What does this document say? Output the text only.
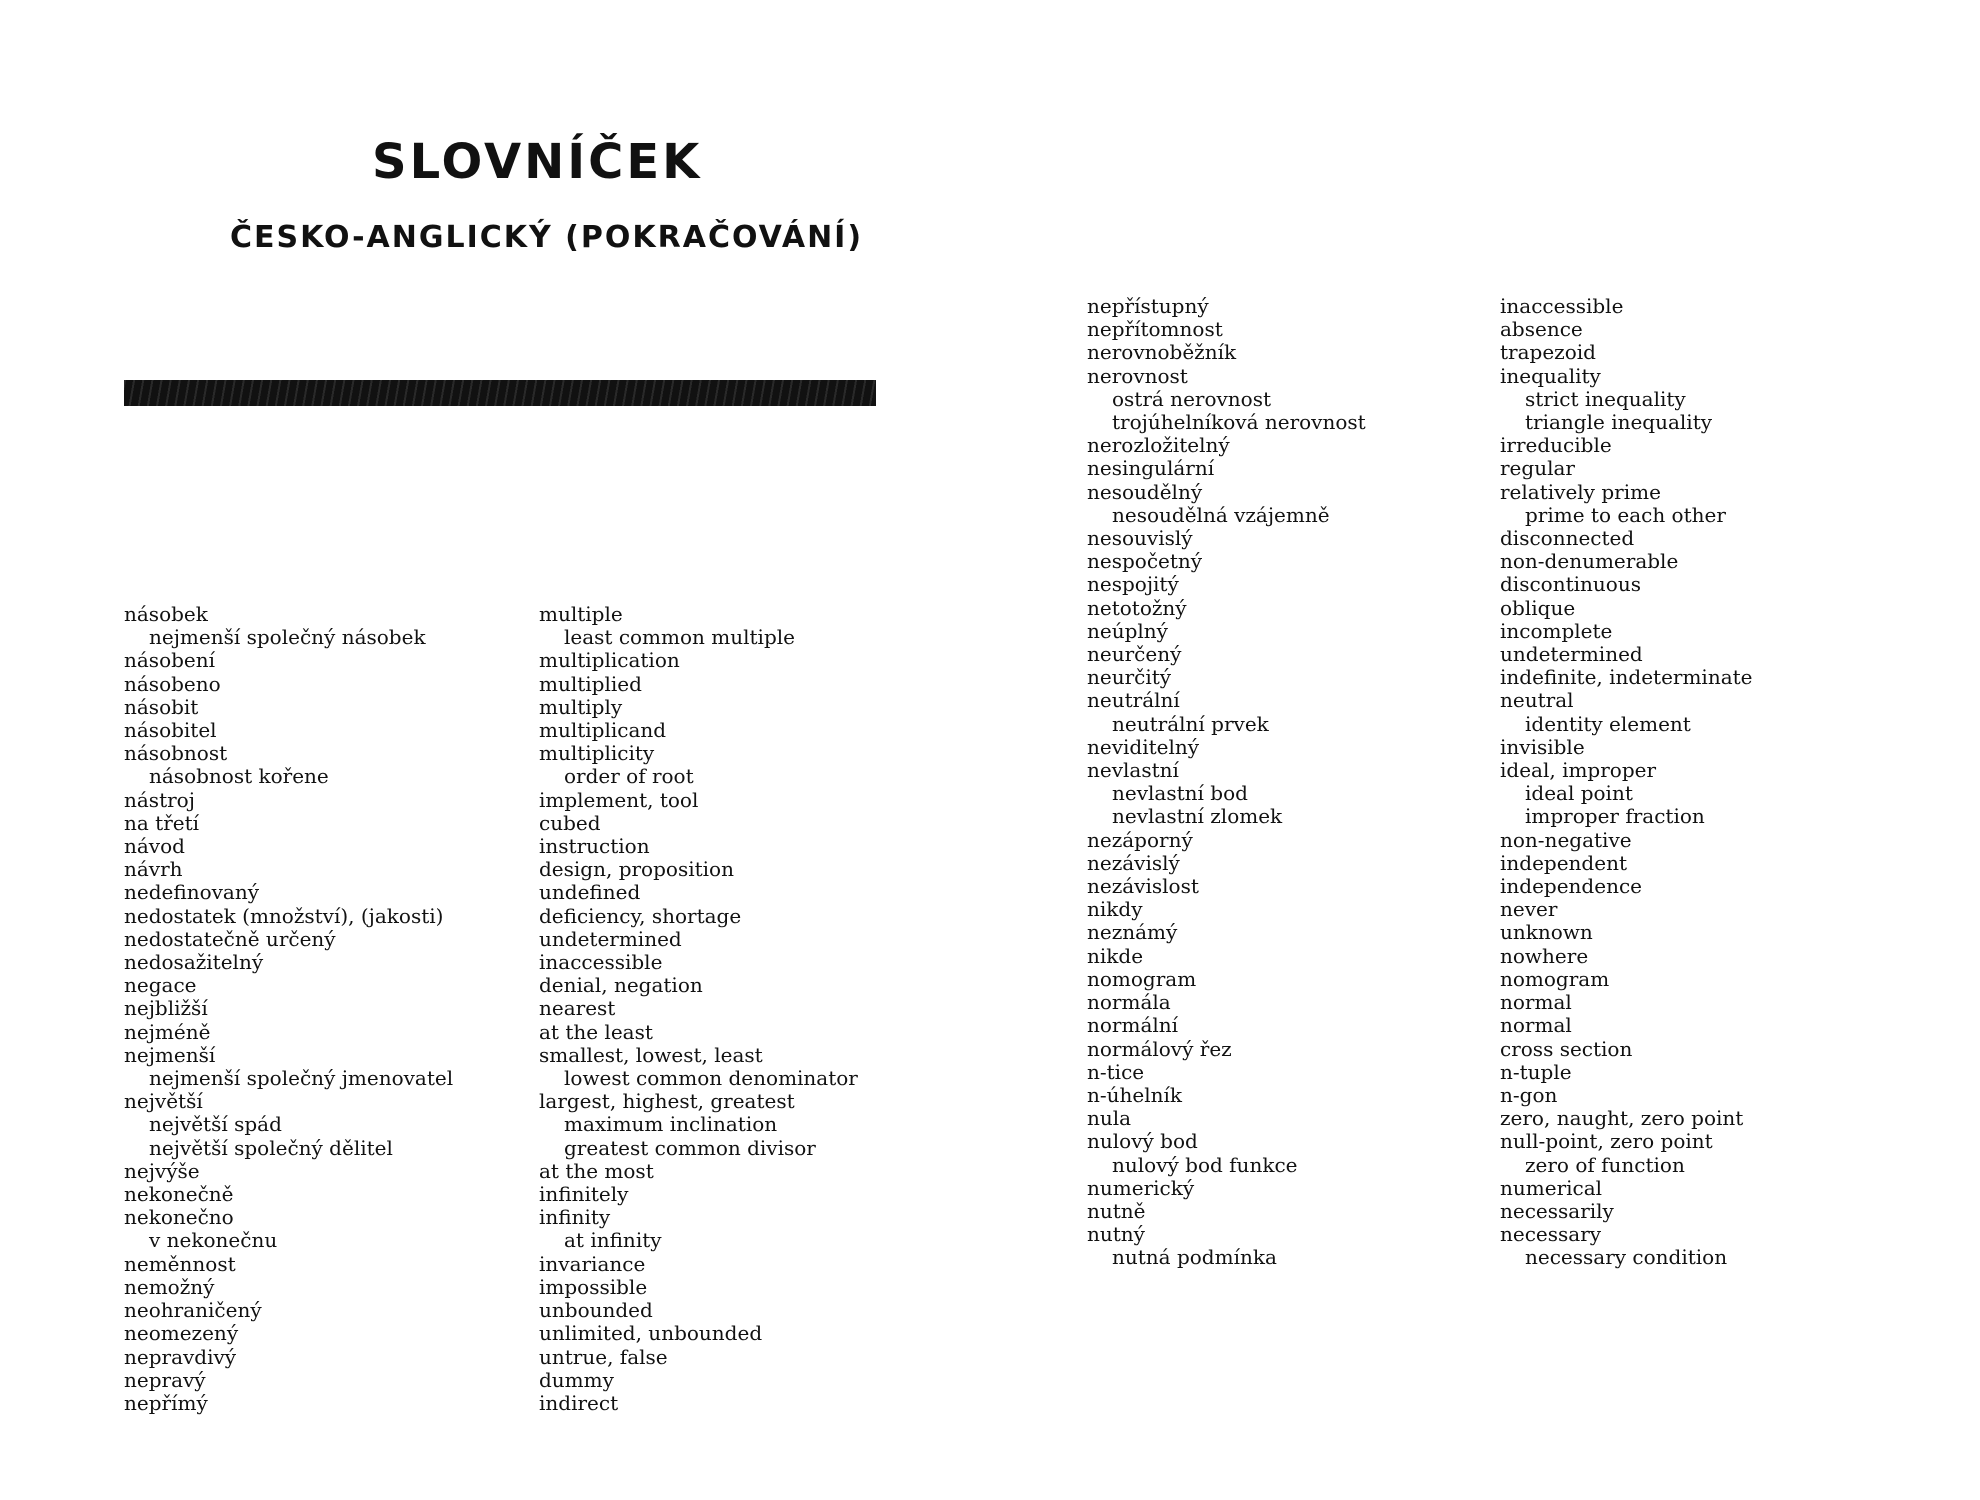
SLOVNÍČEK
ČESKO-ANGLICKÝ (POKRAČOVÁNÍ)
násobek
nejmenší společný násobek
násobení
násobeno
násobit
násobitel
násobnost
násobnost kořene
nástroj
na třetí
návod
návrh
nedefinovaný
nedostatek (množství), (jakosti)
nedostatečně určený
nedosažitelný
negace
nejbližší
nejméně
nejmenší
nejmenší společný jmenovatel
největší
největší spád
největší společný dělitel
nejvýše
nekonečně
nekonečno
v nekonečnu
neměnnost
nemožný
neohraničený
neomezený
nepravdivý
nepravý
nepřímý
multiple
least common multiple
multiplication
multiplied
multiply
multiplicand
multiplicity
order of root
implement, tool
cubed
instruction
design, proposition
undefined
deficiency, shortage
undetermined
inaccessible
denial, negation
nearest
at the least
smallest, lowest, least
lowest common denominator
largest, highest, greatest
maximum inclination
greatest common divisor
at the most
infinitely
infinity
at infinity
invariance
impossible
unbounded
unlimited, unbounded
untrue, false
dummy
indirect
nepřístupný
nepřítomnost
nerovnoběžník
nerovnost
ostrá nerovnost
trojúhelníková nerovnost
nerozložitelný
nesingulární
nesoudělný
nesoudělná vzájemně
nesouvislý
nespočetný
nespojitý
netotožný
neúplný
neurčený
neurčitý
neutrální
neutrální prvek
neviditelný
nevlastní
nevlastní bod
nevlastní zlomek
nezáporný
nezávislý
nezávislost
nikdy
neznámý
nikde
nomogram
normála
normální
normálový řez
n-tice
n-úhelník
nula
nulový bod
nulový bod funkce
numerický
nutně
nutný
nutná podmínka
inaccessible
absence
trapezoid
inequality
strict inequality
triangle inequality
irreducible
regular
relatively prime
prime to each other
disconnected
non-denumerable
discontinuous
oblique
incomplete
undetermined
indefinite, indeterminate
neutral
identity element
invisible
ideal, improper
ideal point
improper fraction
non-negative
independent
independence
never
unknown
nowhere
nomogram
normal
normal
cross section
n-tuple
n-gon
zero, naught, zero point
null-point, zero point
zero of function
numerical
necessarily
necessary
necessary condition
